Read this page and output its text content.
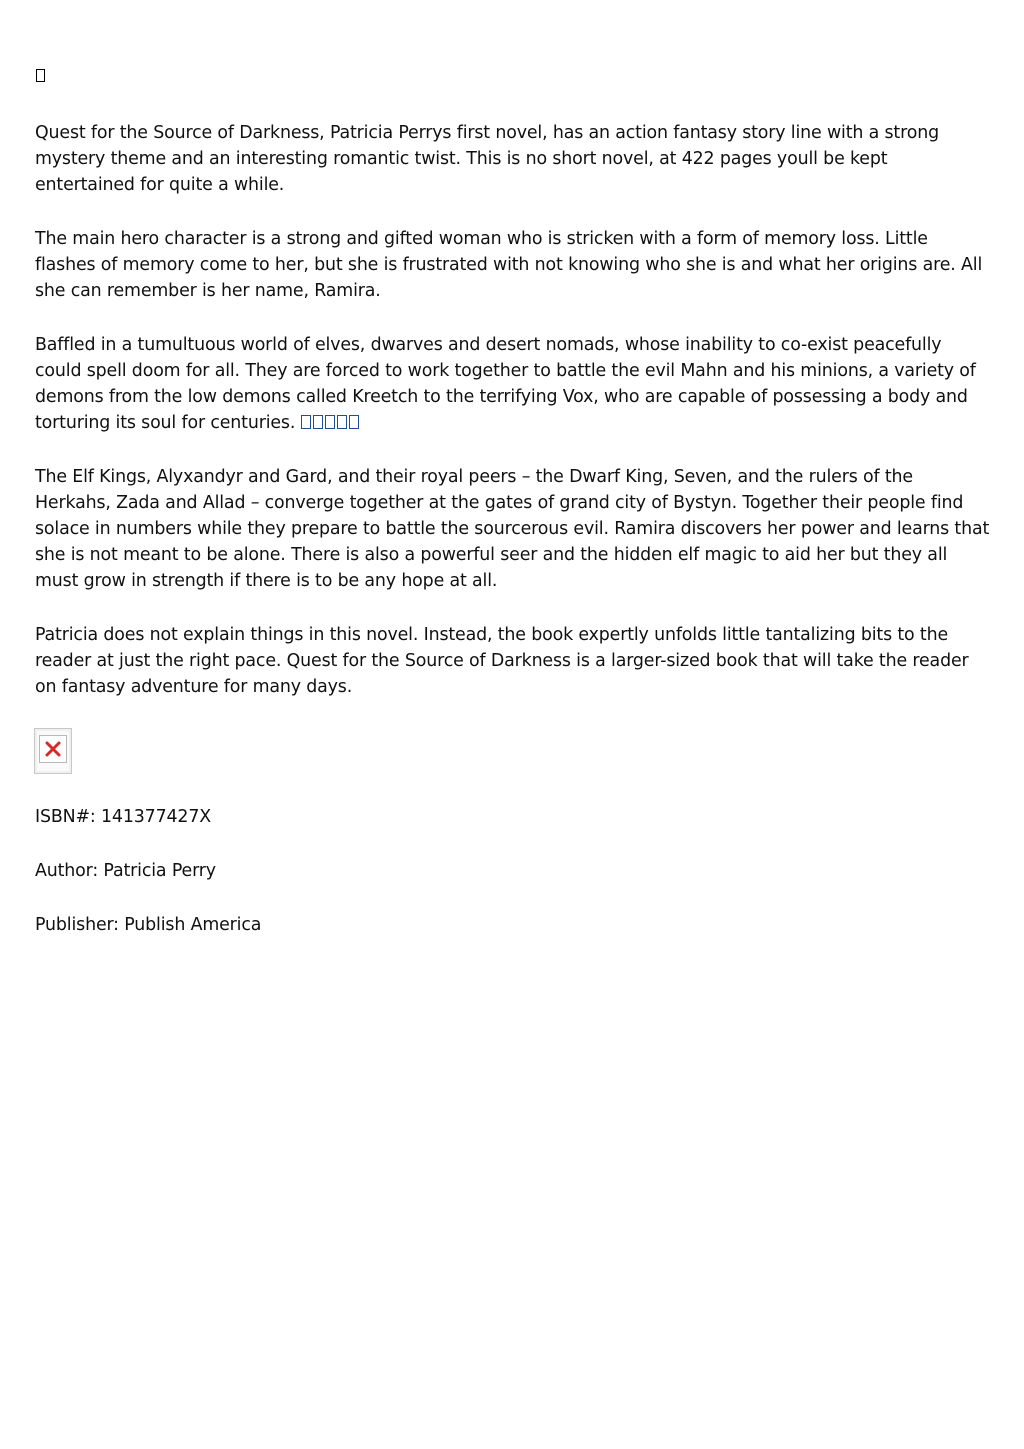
Quest for the Source of Darkness, Patricia Perrys first novel, has an action fantasy story line with a strong mystery theme and an interesting romantic twist. This is no short novel, at 422 pages youll be kept entertained for quite a while.

The main hero character is a strong and gifted woman who is stricken with a form of memory loss. Little flashes of memory come to her, but she is frustrated with not knowing who she is and what her origins are. All she can remember is her name, Ramira.

Baffled in a tumultuous world of elves, dwarves and desert nomads, whose inability to co-exist peacefully could spell doom for all. They are forced to work together to battle the evil Mahn and his minions, a variety of demons from the low demons called Kreetch to the terrifying Vox, who are capable of possessing a body and torturing its soul for centuries.

The Elf Kings, Alyxandyr and Gard, and their royal peers – the Dwarf King, Seven, and the rulers of the Herkahs, Zada and Allad – converge together at the gates of grand city of Bystyn. Together their people find solace in numbers while they prepare to battle the sourcerous evil. Ramira discovers her power and learns that she is not meant to be alone. There is also a powerful seer and the hidden elf magic to aid her but they all must grow in strength if there is to be any hope at all.

Patricia does not explain things in this novel. Instead, the book expertly unfolds little tantalizing bits to the reader at just the right pace. Quest for the Source of Darkness is a larger-sized book that will take the reader on fantasy adventure for many days.

ISBN#: 141377427X

Author: Patricia Perry

Publisher: Publish America
